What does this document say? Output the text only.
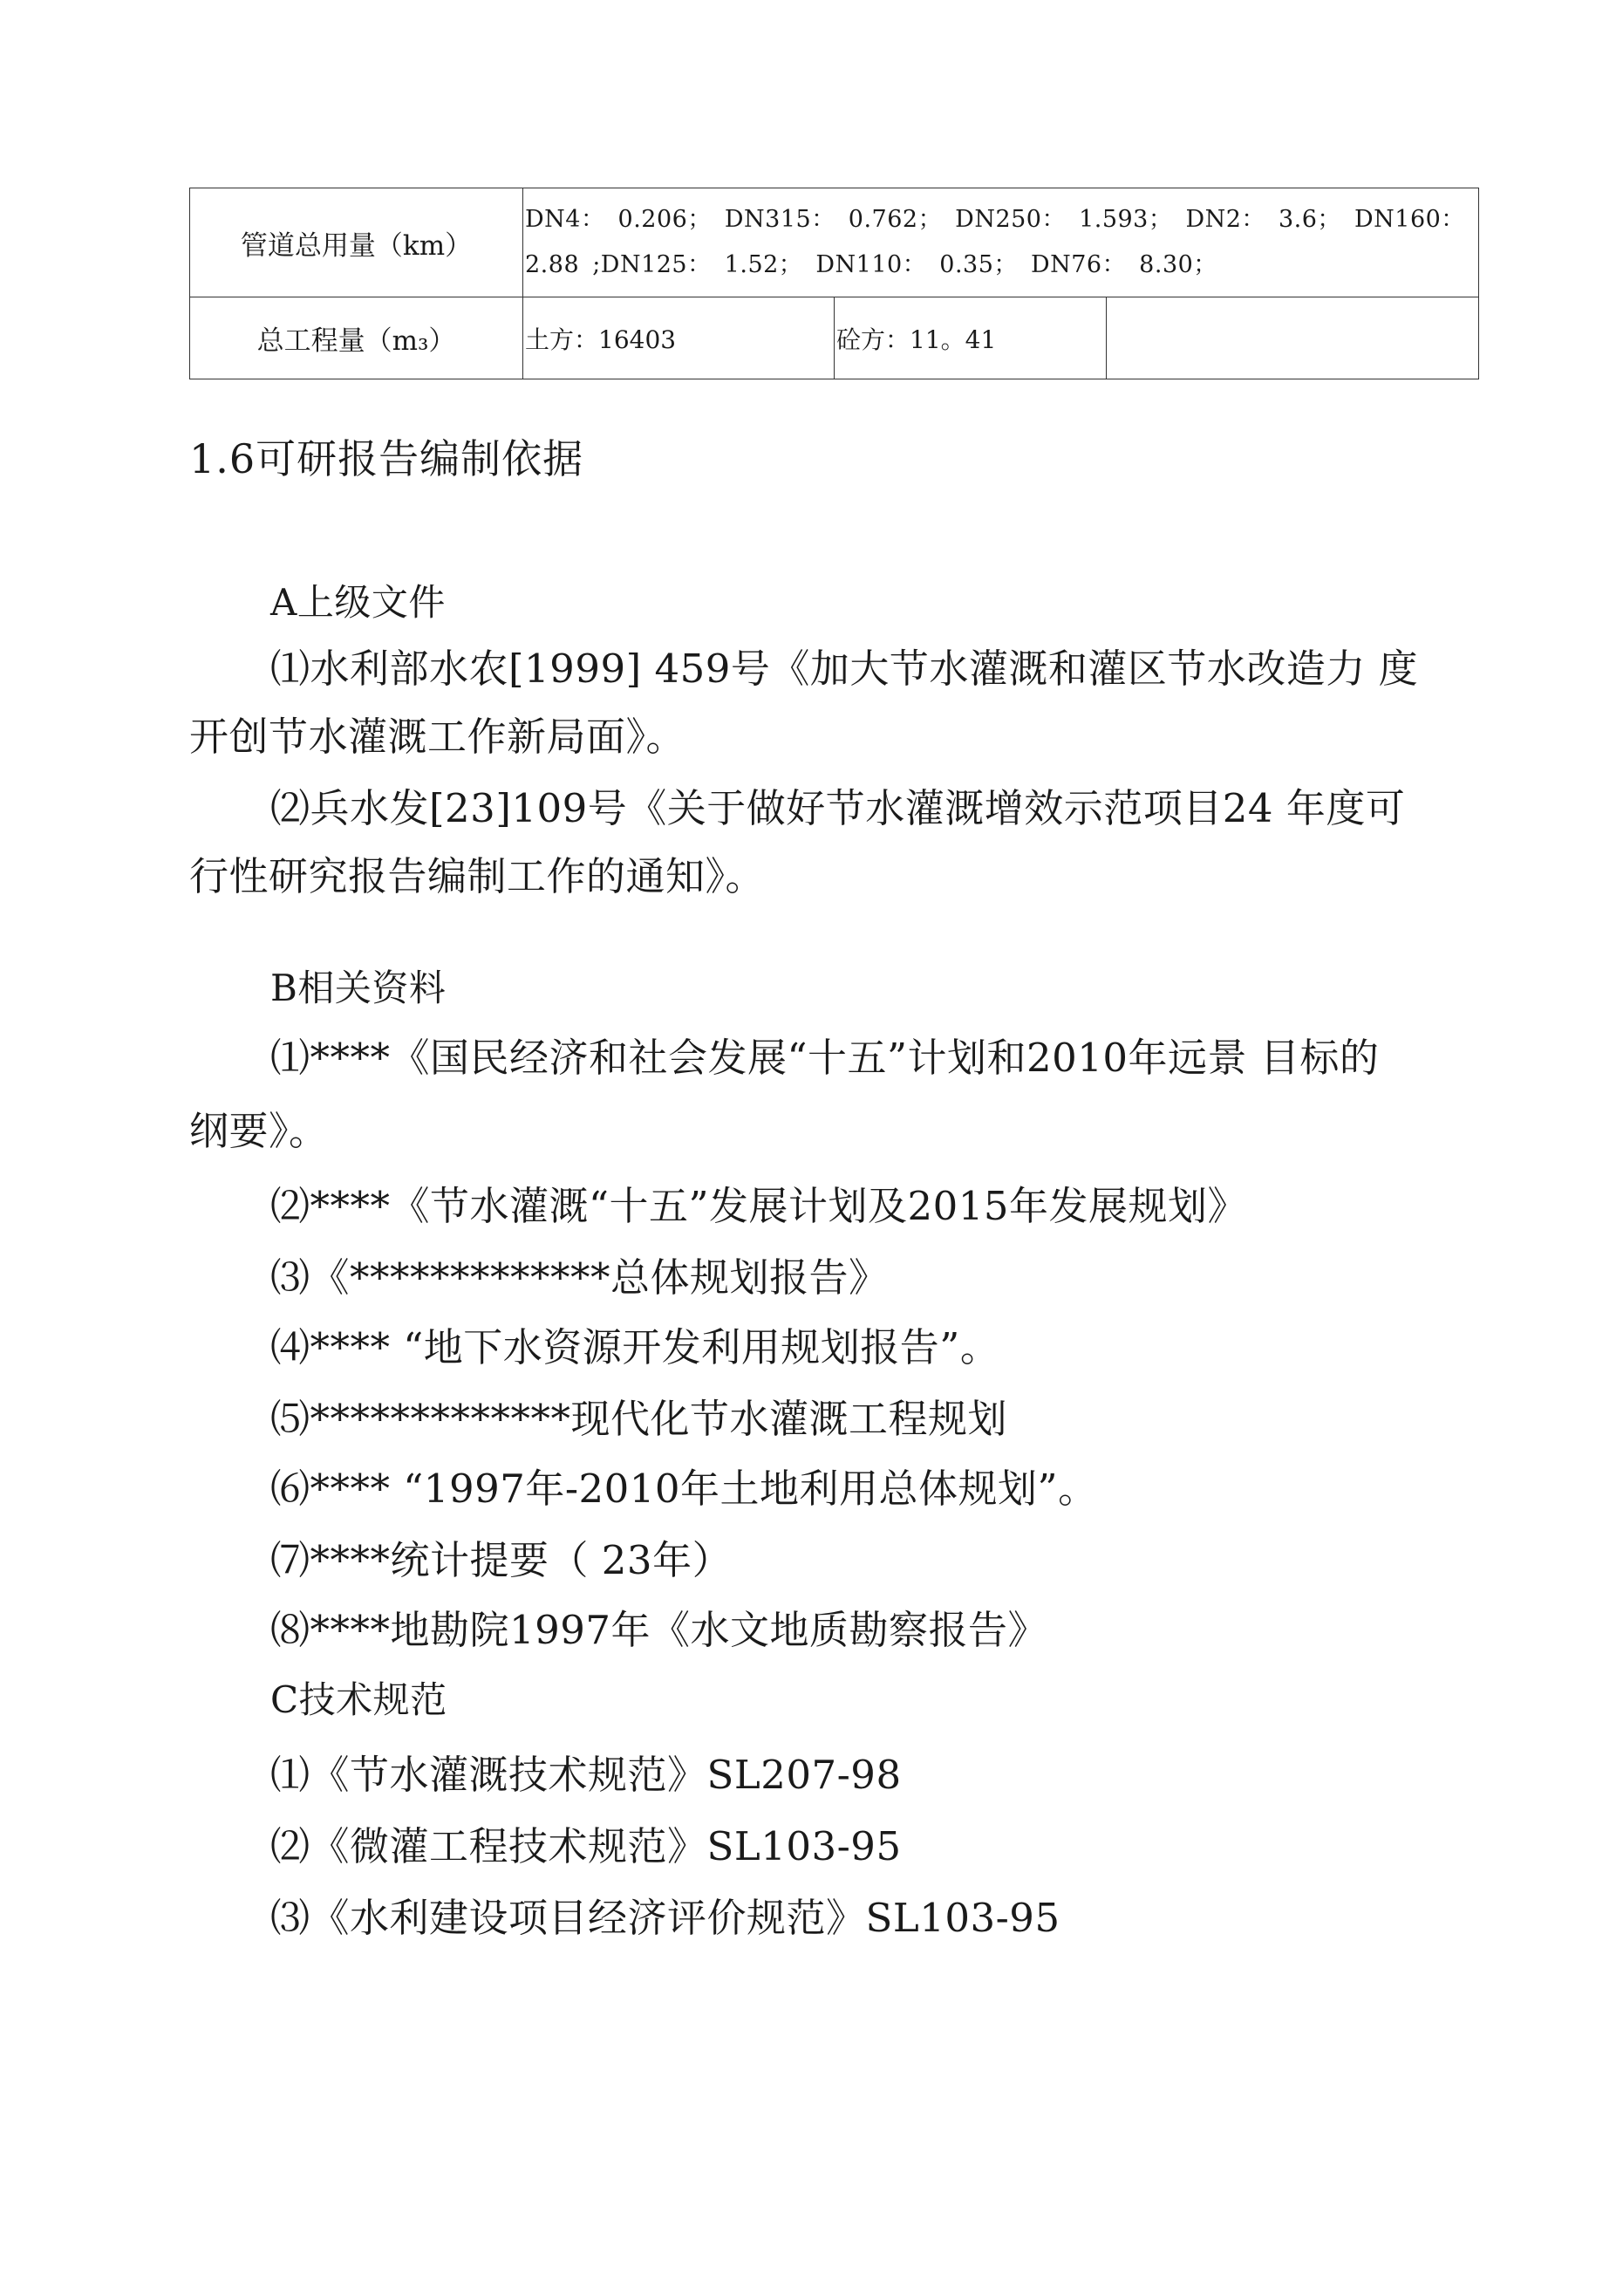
管道总用量（km）	DN4： 0.206； DN315： 0.762； DN250： 1.593； DN2： 3.6； DN160：
2.88 ;DN125： 1.52； DN110： 0.35； DN76： 8.30；		

总工程量（m₃）	土方：16403	砼方：11。41	
1.6可研报告编制依据
A上级文件
⑴水利部水农[1999] 459号《加大节水灌溉和灌区节水改造力 度
开创节水灌溉工作新局面》。
⑵兵水发[23]109号《关于做好节水灌溉增效示范项目24 年度可
行性研究报告编制工作的通知》。
B相关资料
⑴****《国民经济和社会发展“十五”计划和2010年远景 目标的
纲要》。
⑵****《节水灌溉“十五”发展计划及2015年发展规划》
⑶《*************总体规划报告》
⑷**** “地下水资源开发利用规划报告”。
⑸*************现代化节水灌溉工程规划
⑹**** “1997年-2010年土地利用总体规划”。
⑺****统计提要（ 23年）
⑻****地勘院1997年《水文地质勘察报告》
C技术规范
⑴《节水灌溉技术规范》SL207-98
⑵《微灌工程技术规范》SL103-95
⑶《水利建设项目经济评价规范》SL103-95
